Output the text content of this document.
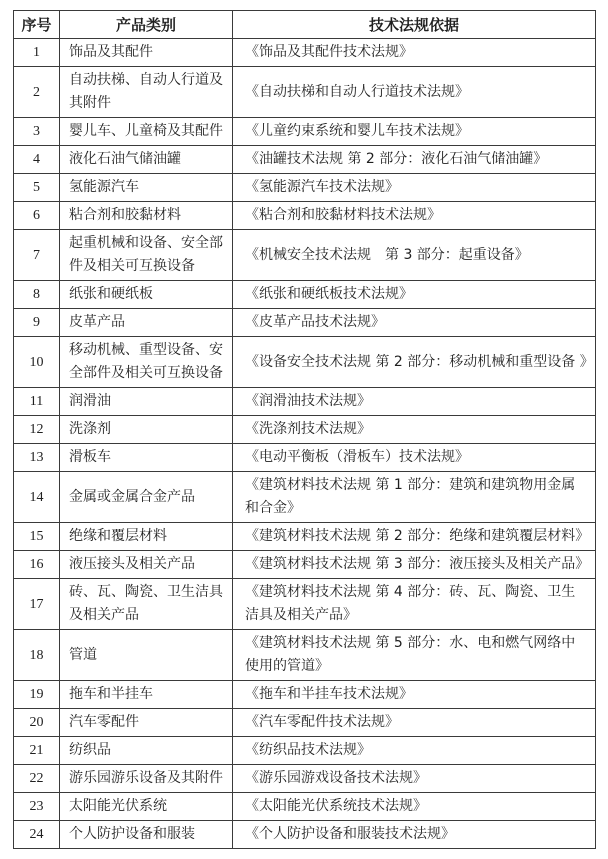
序号	产品类别	技术法规依据
1	饰品及其配件	《饰品及其配件技术法规》
2	自动扶梯、自动人行道及其附件	《自动扶梯和自动人行道技术法规》
3	婴儿车、儿童椅及其配件	《儿童约束系统和婴儿车技术法规》
4	液化石油气储油罐	《油罐技术法规 第 2 部分：液化石油气储油罐》
5	氢能源汽车	《氢能源汽车技术法规》
6	粘合剂和胶黏材料	《粘合剂和胶黏材料技术法规》
7	起重机械和设备、安全部件及相关可互换设备	《机械安全技术法规　第 3 部分：起重设备》
8	纸张和硬纸板	《纸张和硬纸板技术法规》
9	皮革产品	《皮革产品技术法规》
10	移动机械、重型设备、安全部件及相关可互换设备	《设备安全技术法规 第 2 部分：移动机械和重型设备 》
11	润滑油	《润滑油技术法规》
12	洗涤剂	《洗涤剂技术法规》
13	滑板车	《电动平衡板（滑板车）技术法规》
14	金属或金属合金产品	《建筑材料技术法规 第 1 部分：建筑和建筑物用金属和合金》
15	绝缘和覆层材料	《建筑材料技术法规 第 2 部分：绝缘和建筑覆层材料》
16	液压接头及相关产品	《建筑材料技术法规 第 3 部分：液压接头及相关产品》
17	砖、瓦、陶瓷、卫生洁具及相关产品	《建筑材料技术法规 第 4 部分：砖、瓦、陶瓷、卫生洁具及相关产品》
18	管道	《建筑材料技术法规 第 5 部分：水、电和燃气网络中使用的管道》
19	拖车和半挂车	《拖车和半挂车技术法规》
20	汽车零配件	《汽车零配件技术法规》
21	纺织品	《纺织品技术法规》
22	游乐园游乐设备及其附件	《游乐园游戏设备技术法规》
23	太阳能光伏系统	《太阳能光伏系统技术法规》
24	个人防护设备和服装	《个人防护设备和服装技术法规》
